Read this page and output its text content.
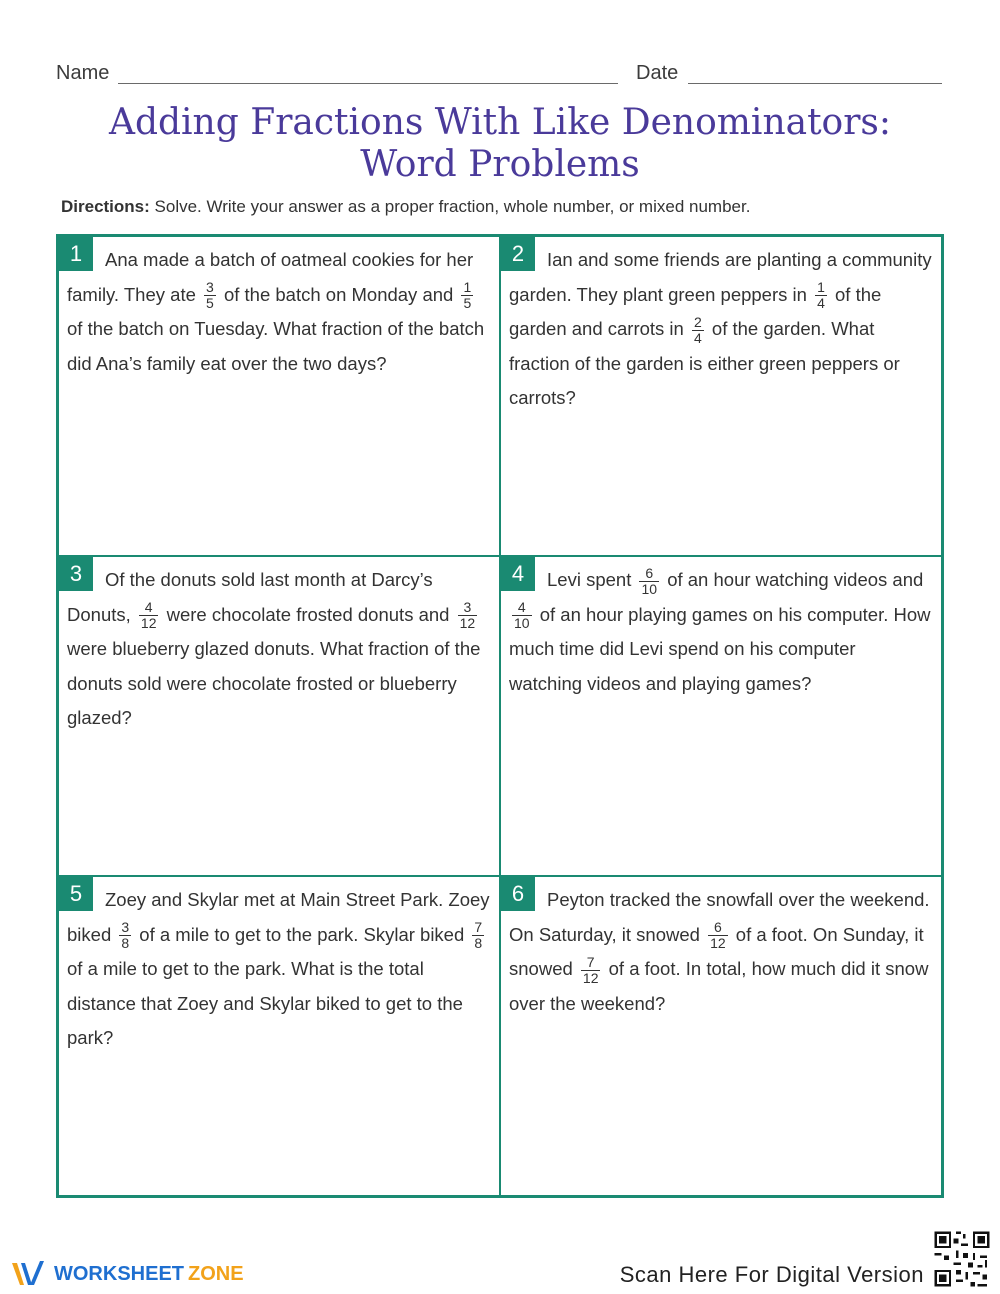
Name	Date
Adding Fractions With Like Denominators:
Word Problems
Directions: Solve. Write your answer as a proper fraction, whole number, or mixed number.
1	Ana made a batch of oatmeal cookies for her family. They ate $\frac{3}{5}$ of the batch on Monday and $\frac{1}{5}$
of the batch on Tuesday. What fraction of the batch did Ana’s family eat over the two days?
2	Ian and some friends are planting a community garden. They plant green peppers in $\frac{1}{4}$ of the garden and carrots in $\frac{2}{4}$ of the garden. What fraction of the garden is either green peppers or carrots?
3	Of the donuts sold last month at Darcy’s Donuts, $\frac{4}{12}$ were chocolate frosted donuts and $\frac{3}{12}$
were blueberry glazed donuts. What fraction of the donuts sold were chocolate frosted or blueberry glazed?
4	Levi spent $\frac{6}{10}$ of an hour watching videos and
$\frac{4}{10}$ of an hour playing games on his computer. How much time did Levi spend on his computer watching videos and playing games?
5	Zoey and Skylar met at Main Street Park. Zoey biked $\frac{3}{8}$ of a mile to get to the park. Skylar biked $\frac{7}{8}$
of a mile to get to the park. What is the total distance that Zoey and Skylar biked to get to the park?
6	Peyton tracked the snowfall over the weekend. On Saturday, it snowed $\frac{6}{12}$ of a foot. On Sunday, it snowed $\frac{7}{12}$ of a foot. In total, how much did it snow over the weekend?
WORKSHEET ZONE	Scan Here For Digital Version
